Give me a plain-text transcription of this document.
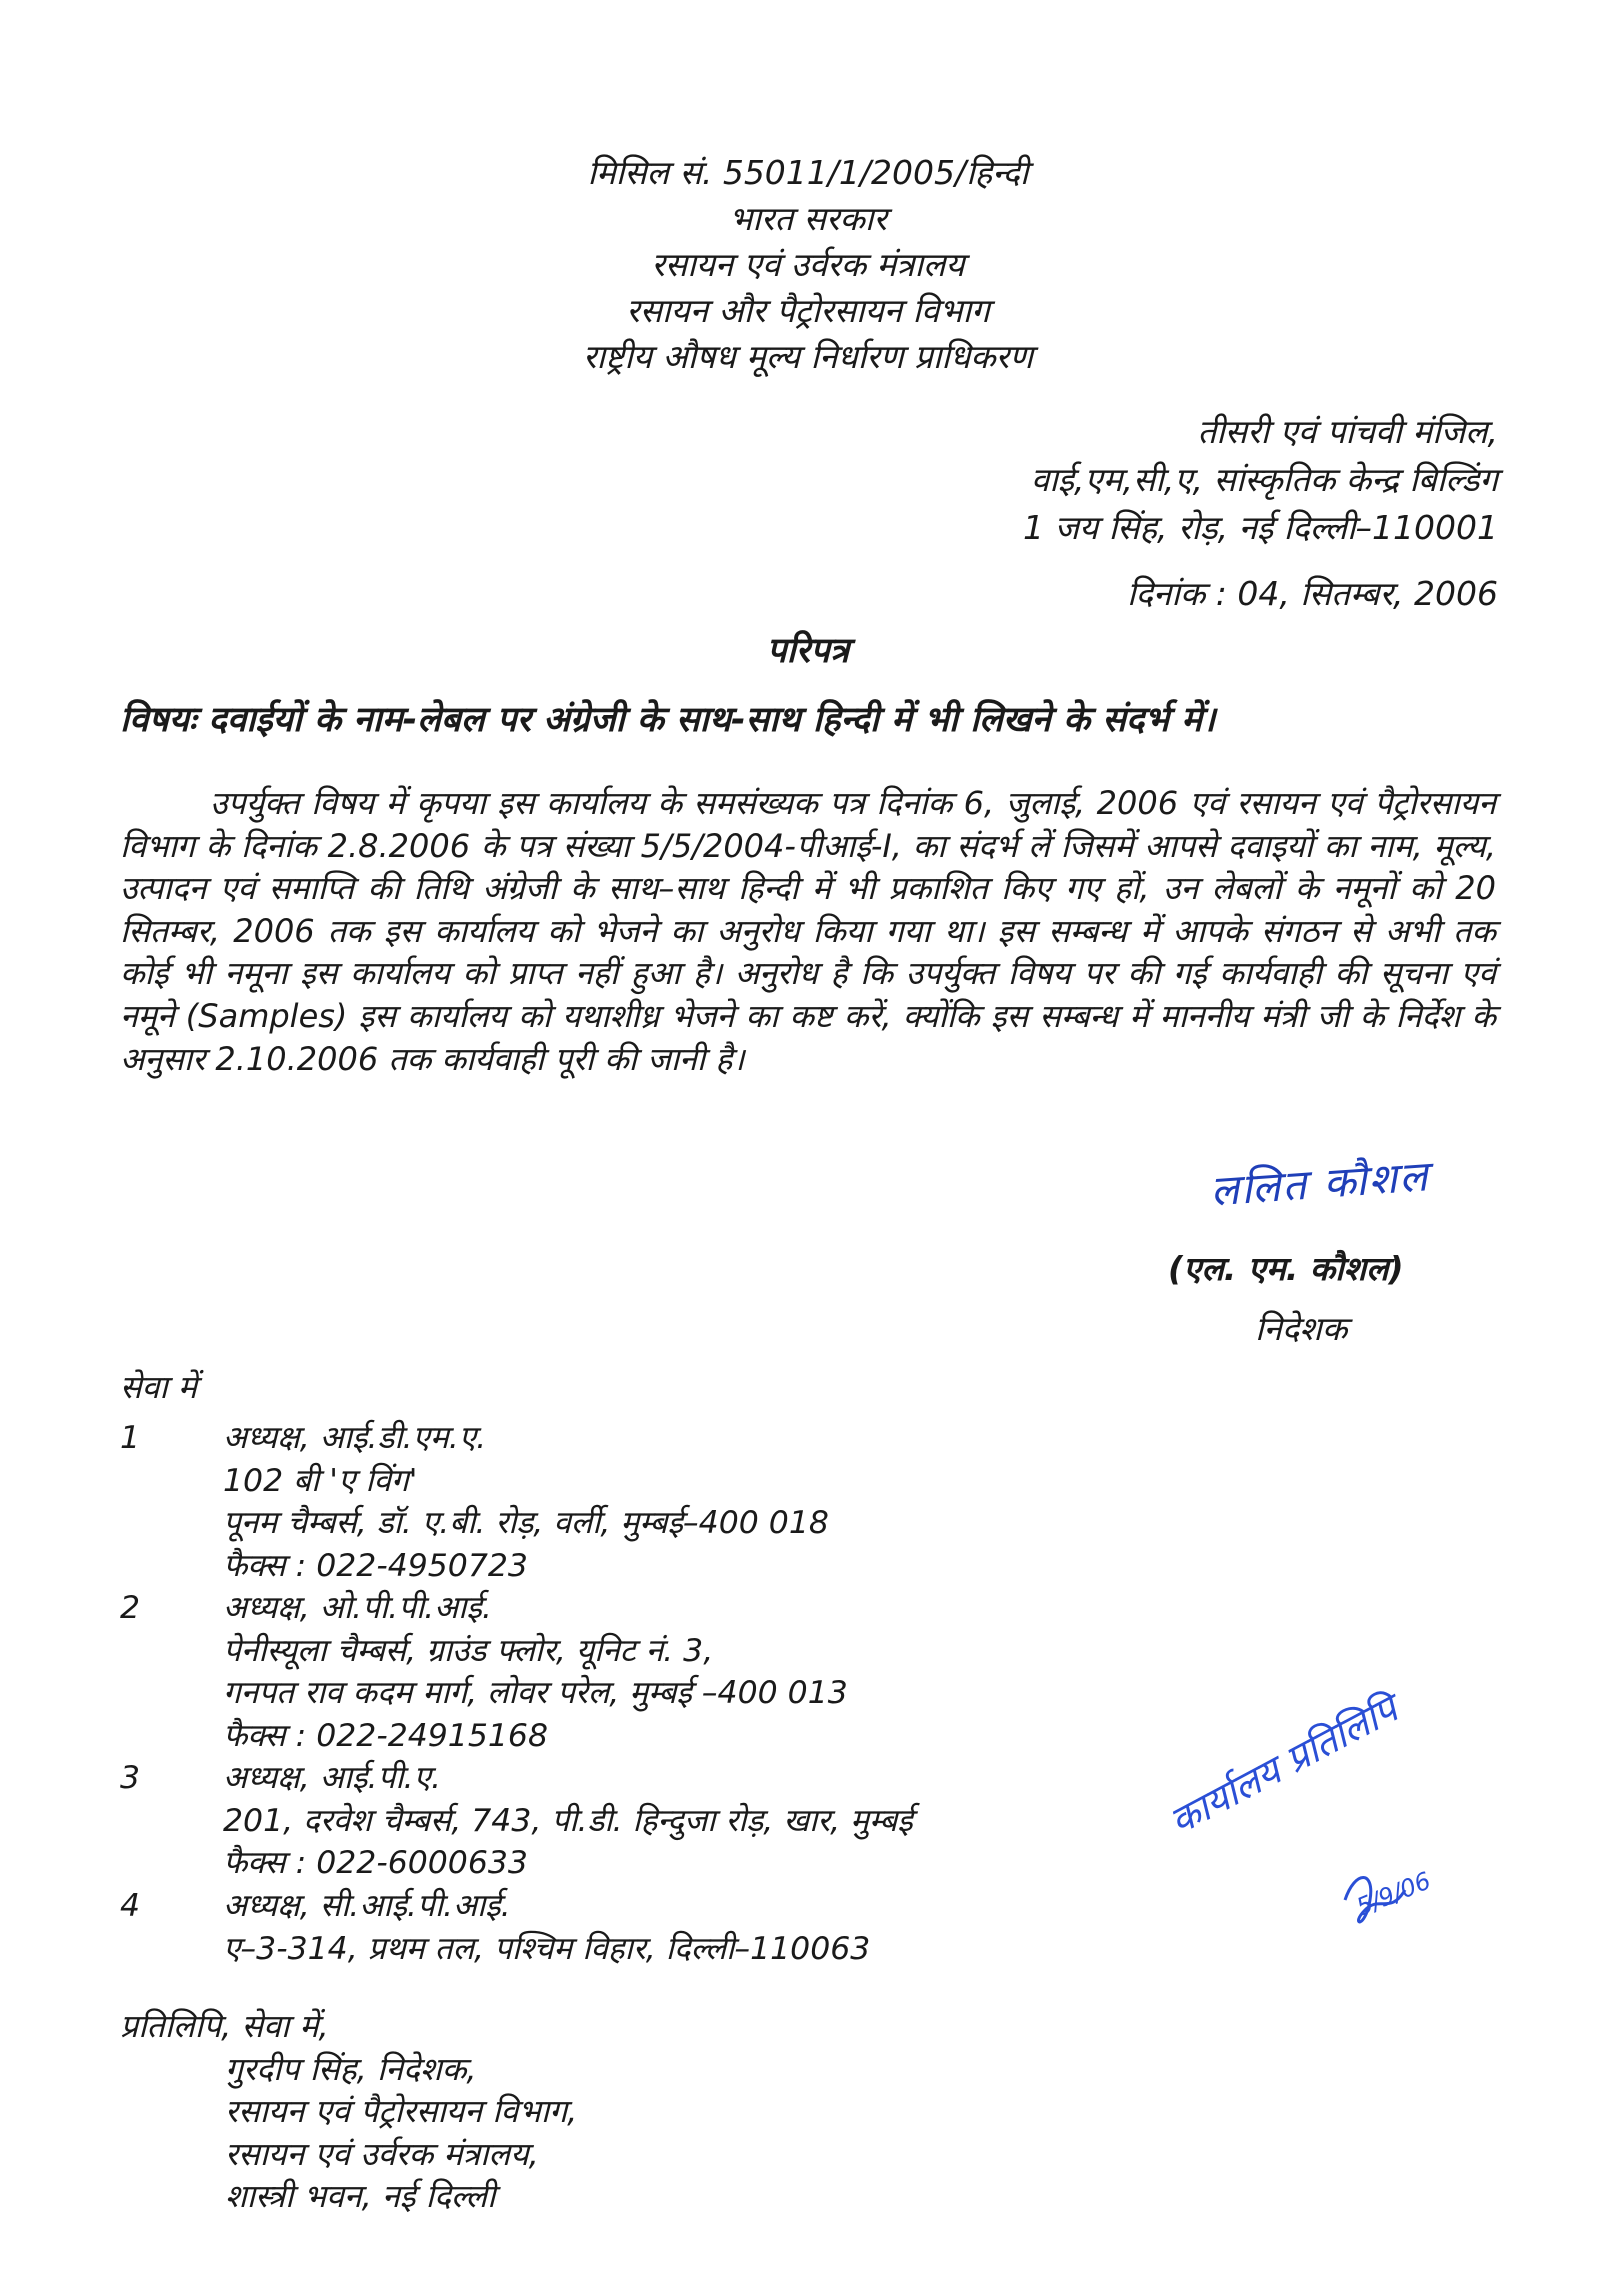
मिसिल सं. 55011/1/2005/हिन्दी
भारत सरकार
रसायन एवं उर्वरक मंत्रालय
रसायन और पैट्रोरसायन विभाग
राष्ट्रीय औषध मूल्य निर्धारण प्राधिकरण
तीसरी एवं पांचवी मंजिल,
वाई,एम,सी,ए, सांस्कृतिक केन्द्र बिल्डिंग
1 जय सिंह, रोड़, नई दिल्ली–110001
दिनांक : 04, सितम्बर, 2006
परिपत्र
विषयः दवाईयों के नाम-लेबल पर अंग्रेजी के साथ-साथ हिन्दी में भी लिखने के संदर्भ में।
उपर्युक्त विषय में कृपया इस कार्यालय के समसंख्यक पत्र दिनांक 6, जुलाई, 2006 एवं रसायन एवं पैट्रोरसायन विभाग के दिनांक 2.8.2006 के पत्र संख्या 5/5/2004-पीआई-I, का संदर्भ लें जिसमें आपसे दवाइयों का नाम, मूल्य, उत्पादन एवं समाप्ति की तिथि अंग्रेजी के साथ–साथ हिन्दी में भी प्रकाशित किए गए हों, उन लेबलों के नमूनों को 20 सितम्बर, 2006 तक इस कार्यालय को भेजने का अनुरोध किया गया था। इस सम्बन्ध में आपके संगठन से अभी तक कोई भी नमूना इस कार्यालय को प्राप्त नहीं हुआ है। अनुरोध है कि उपर्युक्त विषय पर की गई कार्यवाही की सूचना एवं नमूने (Samples) इस कार्यालय को यथाशीध्र भेजने का कष्ट करें, क्योंकि इस सम्बन्ध में माननीय मंत्री जी के निर्देश के अनुसार 2.10.2006 तक कार्यवाही पूरी की जानी है।
ललित कौशल
(एल. एम. कौशल)
निदेशक
सेवा में
1	अध्यक्ष, आई.डी.एम.ए.
102 बी 'ए विंग'
पूनम चैम्बर्स, डॉ. ए.बी. रोड़, वर्ली, मुम्बई–400 018
फैक्स : 022-4950723
2	अध्यक्ष, ओ.पी.पी.आई.
पेनीस्यूला चैम्बर्स, ग्राउंड फ्लोर, यूनिट नं. 3,
गनपत राव कदम मार्ग, लोवर परेल, मुम्बई –400 013
फैक्स : 022-24915168
3	अध्यक्ष, आई.पी.ए.
201, दरवेश चैम्बर्स, 743, पी.डी. हिन्दुजा रोड़, खार, मुम्बई
फैक्स : 022-6000633
4	अध्यक्ष, सी.आई.पी.आई.
ए–3-314, प्रथम तल, पश्चिम विहार, दिल्ली–110063
प्रतिलिपि, सेवा में,
गुरदीप सिंह, निदेशक,
रसायन एवं पैट्रोरसायन विभाग,
रसायन एवं उर्वरक मंत्रालय,
शास्त्री भवन, नई दिल्ली
कार्यालय प्रतिलिपि
5/9/06
